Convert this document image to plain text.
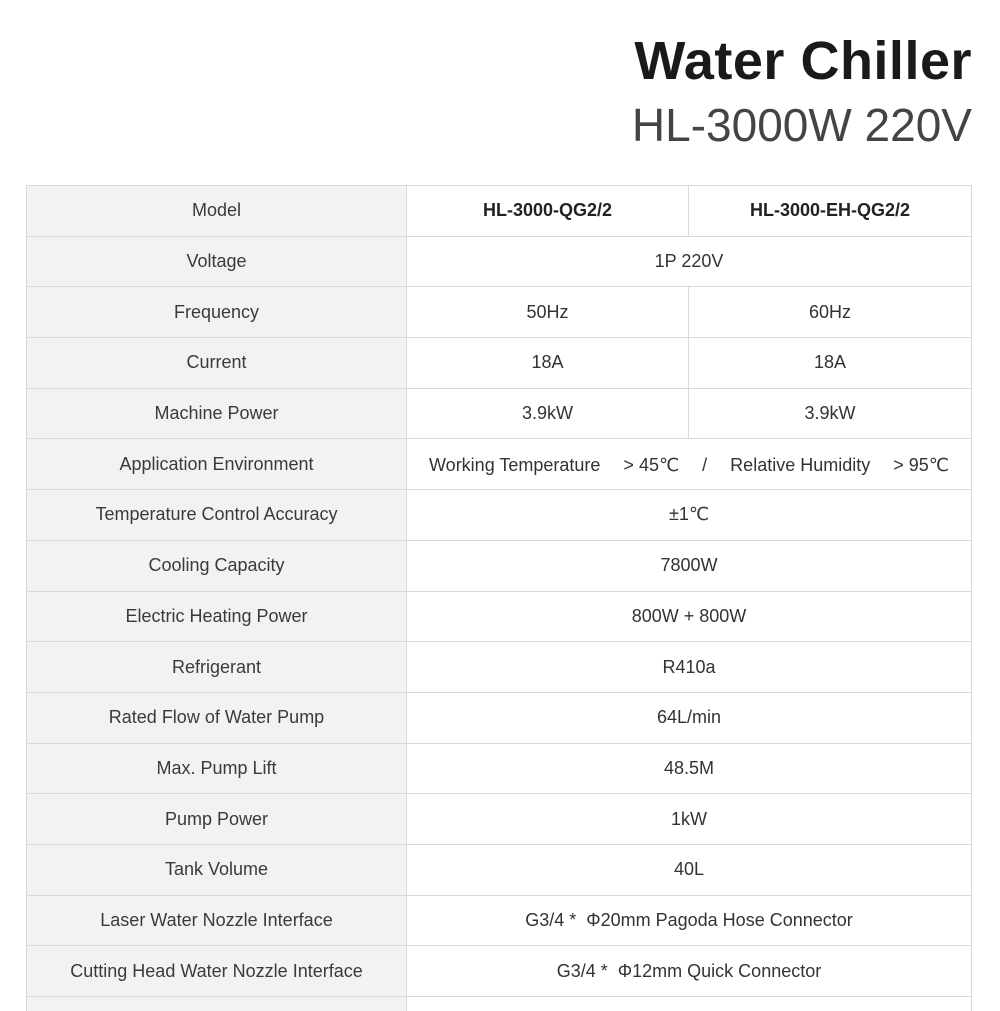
Water Chiller
HL-3000W 220V
Model	HL-3000-QG2/2	HL-3000-EH-QG2/2
Voltage	1P 220V	
Frequency	50Hz	60Hz
Current	18A	18A
Machine Power	3.9kW	3.9kW
Application Environment	Working Temperature 　> 45℃ 　/ 　Relative Humidity 　> 95℃	
Temperature Control Accuracy	±1℃	
Cooling Capacity	7800W	
Electric Heating Power	800W + 800W	
Refrigerant	R410a	
Rated Flow of Water Pump	64L/min	
Max. Pump Lift	48.5M	
Pump Power	1kW	
Tank Volume	40L	
Laser Water Nozzle Interface	G3/4 *  Φ20mm Pagoda Hose Connector	
Cutting Head Water Nozzle Interface	G3/4 *  Φ12mm Quick Connector	
